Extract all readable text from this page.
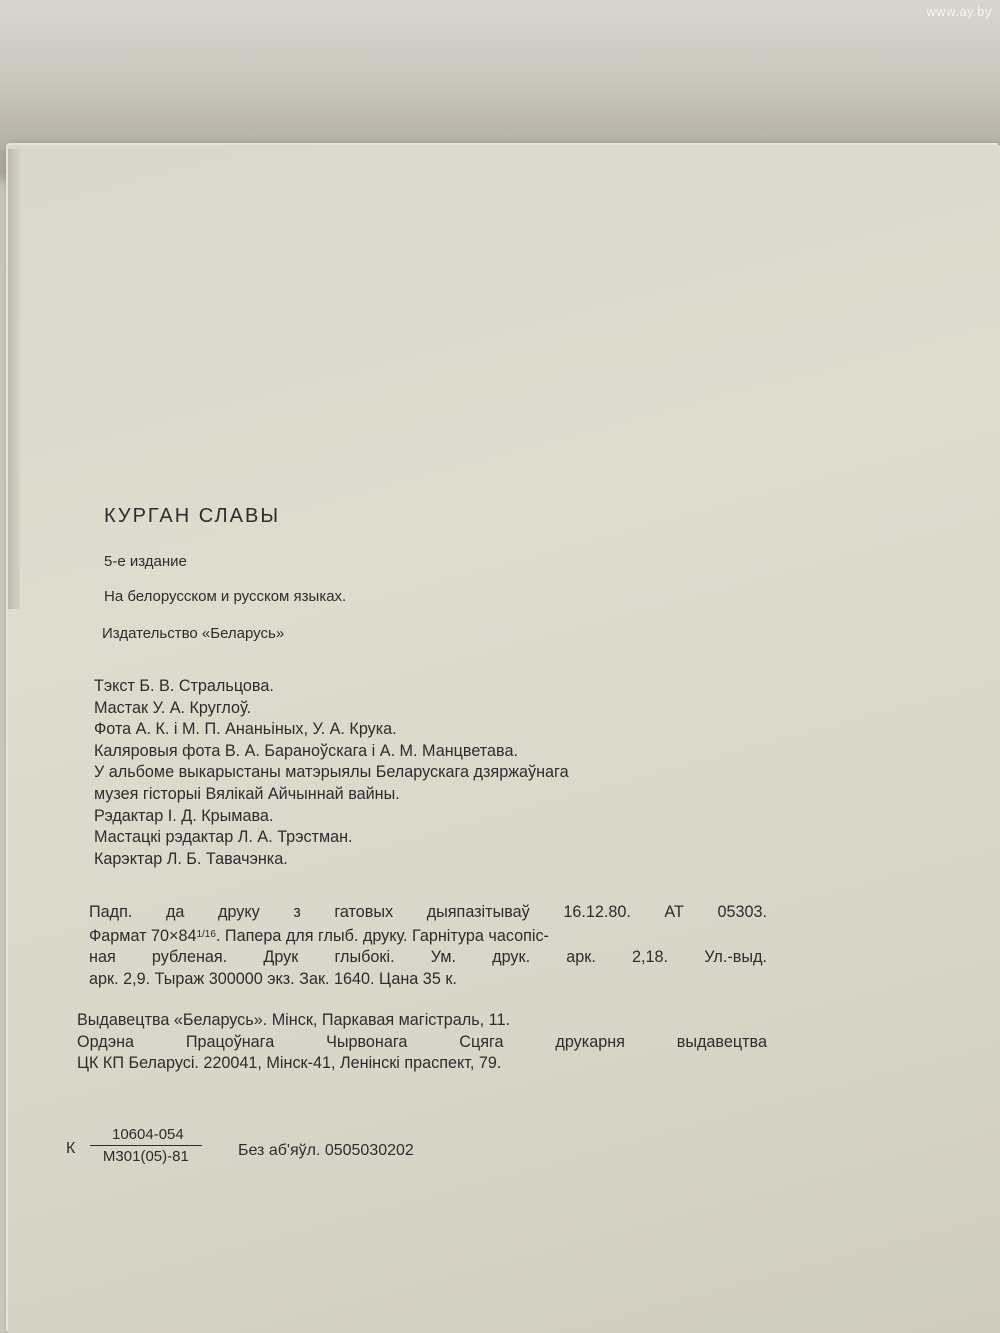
www.ay.by
КУРГАН СЛАВЫ
5-е издание
На белорусском и русском языках.
Издательство «Беларусь»
Тэкст Б. В. Стральцова.
Мастак У. А. Круглоў.
Фота А. К. і М. П. Ананьіных, У. А. Крука.
Каляровыя фота В. А. Бараноўскага і А. М. Манцветава.
У альбоме выкарыстаны матэрыялы Беларускага дзяржаўнага
музея гісторыі Вялікай Айчыннай вайны.
Рэдактар І. Д. Крымава.
Мастацкі рэдактар Л. А. Трэстман.
Карэктар Л. Б. Тавачэнка.
Падп. да друку з гатовых дыяпазітываў 16.12.80. АТ 05303.
Фармат $70\times 84^{1/16}$. Папера для глыб. друку. Гарнітура часопіс-
ная рубленая. Друк глыбокі. Ум. друк. арк. 2,18. Ул.-выд.
арк. 2,9. Тыраж 300000 экз. Зак. 1640. Цана 35 к.
Выдавецтва «Беларусь». Мінск, Паркавая магістраль, 11.
Ордэна	Працоўнага	Чырвонага	Сцяга	друкарня	выдавецтва
ЦК КП Беларусі. 220041, Мінск-41, Ленінскі праспект, 79.
К
10604-054
М301(05)-81	Без аб'яўл. 0505030202
